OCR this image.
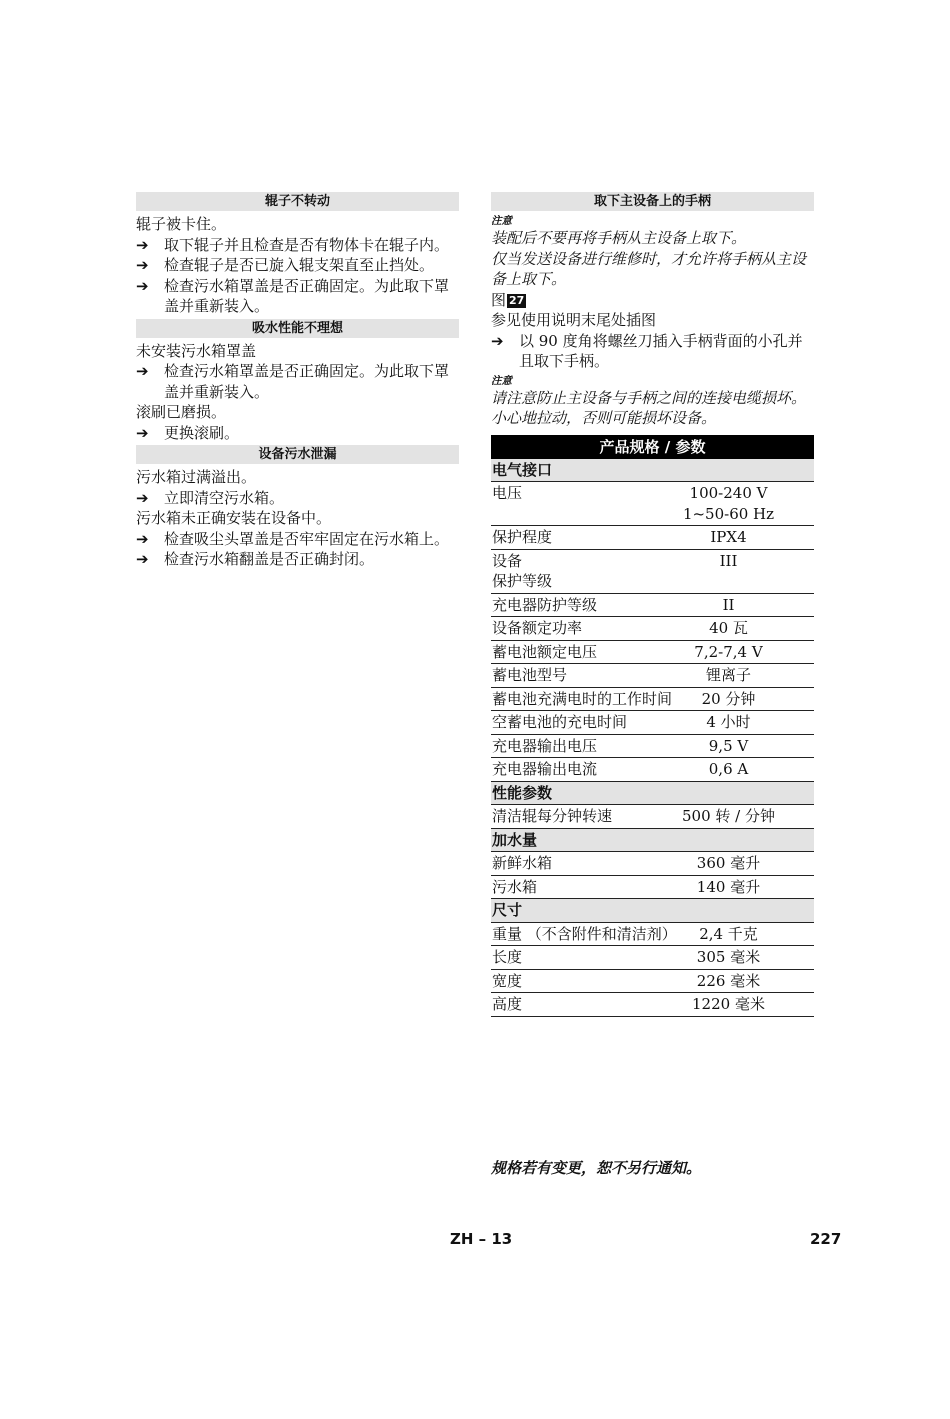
辊子不转动
辊子被卡住。
➔ 取下辊子并且检查是否有物体卡在辊子内。
➔ 检查辊子是否已旋入辊支架直至止挡处。
➔ 检查污水箱罩盖是否正确固定。为此取下罩盖并重新装入。
吸水性能不理想
未安装污水箱罩盖
➔ 检查污水箱罩盖是否正确固定。为此取下罩盖并重新装入。
滚刷已磨损。
➔ 更换滚刷。
设备污水泄漏
污水箱过满溢出。
➔ 立即清空污水箱。
污水箱未正确安装在设备中。
➔ 检查吸尘头罩盖是否牢牢固定在污水箱上。
➔ 检查污水箱翻盖是否正确封闭。
取下主设备上的手柄
注意
装配后不要再将手柄从主设备上取下。
仅当发送设备进行维修时，才允许将手柄从主设备上取下。
图 27
参见使用说明末尾处插图
➔ 以 90 度角将螺丝刀插入手柄背面的小孔并且取下手柄。
注意
请注意防止主设备与手柄之间的连接电缆损坏。
小心地拉动，否则可能损坏设备。
产品规格 / 参数
电气接口	
电压	100-240 V
1~50-60 Hz

保护程度	IPX4
设备
保护等级	III
充电器防护等级	II
设备额定功率	40 瓦
蓄电池额定电压	7,2-7,4 V
蓄电池型号	锂离子
蓄电池充满电时的工作时间	20 分钟
空蓄电池的充电时间	4 小时
充电器输出电压	9,5 V
充电器输出电流	0,6 A
性能参数	
清洁辊每分钟转速	500 转 / 分钟
加水量	
新鲜水箱	360 毫升
污水箱	140 毫升
尺寸	
重量 （不含附件和清洁剂）	2,4 千克
长度	305 毫米
宽度	226 毫米
高度	1220 毫米
规格若有变更，恕不另行通知。
ZH – 13	227
